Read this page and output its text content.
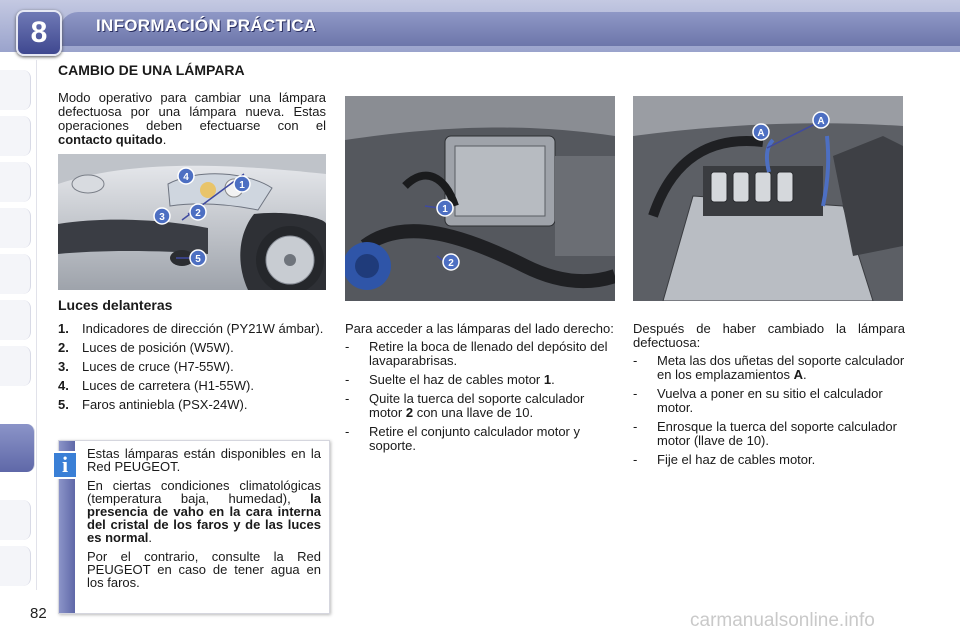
8	INFORMACIÓN PRÁCTICA
CAMBIO DE UNA LÁMPARA
Modo operativo para cambiar una lámpara defectuosa por una lámpara nueva. Estas operaciones deben efectuarse con el contacto quitado.
4
1
3	2
5
Luces delanteras
1.	Indicadores de dirección (PY21W ámbar).
2.	Luces de posición (W5W).
3.	Luces de cruce (H7-55W).
4.	Luces de carretera (H1-55W).
5.	Faros antiniebla (PSX-24W).
i	Estas lámparas están disponibles en la Red PEUGEOT.

En ciertas condiciones climatológicas (temperatura baja, humedad), la presencia de vaho en la cara interna del cristal de los faros y de las luces es normal.

Por el contrario, consulte la Red PEUGEOT en caso de tener agua en los faros.

1
2
A
A

Para acceder a las lámparas del lado derecho:

-	Retire la boca de llenado del depósito del lavaparabrisas.
-	Suelte el haz de cables motor 1.
-	Quite la tuerca del soporte calculador motor 2 con una llave de 10.
-	Retire el conjunto calculador motor y soporte.

Después de haber cambiado la lámpara defectuosa:

-	Meta las dos uñetas del soporte calculador en los emplazamientos A.
-	Vuelva a poner en su sitio el calculador motor.
-	Enrosque la tuerca del soporte calculador motor (llave de 10).
-	Fije el haz de cables motor.
82	carmanualsonline.info
